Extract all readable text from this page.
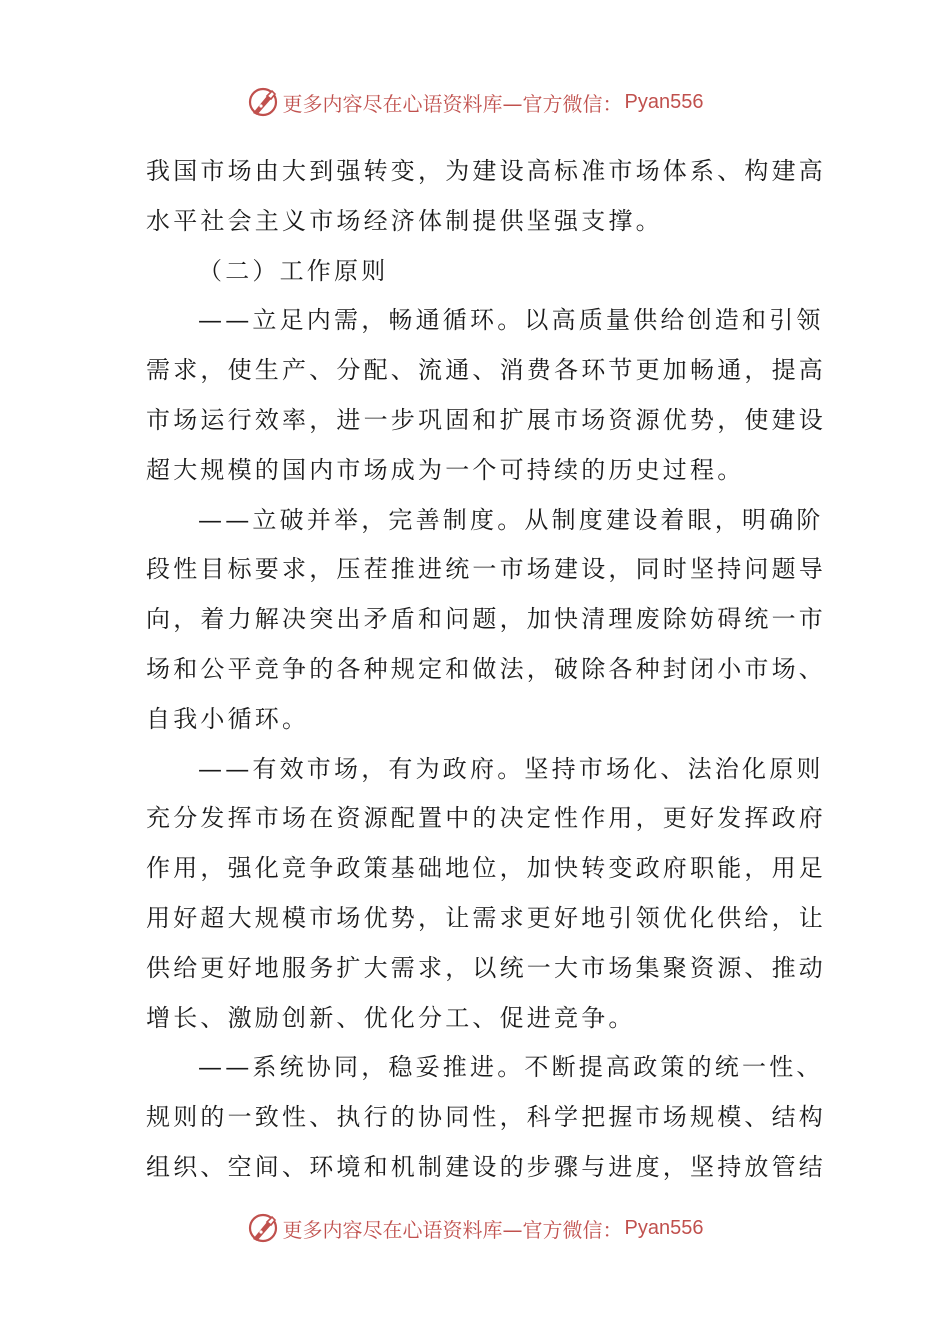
更多内容尽在心语资料库—官方微信： Pyan556
我国市场由大到强转变，为建设高标准市场体系、构建高
水平社会主义市场经济体制提供坚强支撑。
（二）工作原则
——立足内需，畅通循环。以高质量供给创造和引领
需求，使生产、分配、流通、消费各环节更加畅通，提高
市场运行效率，进一步巩固和扩展市场资源优势，使建设
超大规模的国内市场成为一个可持续的历史过程。
——立破并举，完善制度。从制度建设着眼，明确阶
段性目标要求，压茬推进统一市场建设，同时坚持问题导
向，着力解决突出矛盾和问题，加快清理废除妨碍统一市
场和公平竞争的各种规定和做法，破除各种封闭小市场、
自我小循环。
——有效市场，有为政府。坚持市场化、法治化原则
充分发挥市场在资源配置中的决定性作用，更好发挥政府
作用，强化竞争政策基础地位，加快转变政府职能，用足
用好超大规模市场优势，让需求更好地引领优化供给，让
供给更好地服务扩大需求，以统一大市场集聚资源、推动
增长、激励创新、优化分工、促进竞争。
——系统协同，稳妥推进。不断提高政策的统一性、
规则的一致性、执行的协同性，科学把握市场规模、结构
组织、空间、环境和机制建设的步骤与进度，坚持放管结
更多内容尽在心语资料库—官方微信： Pyan556
